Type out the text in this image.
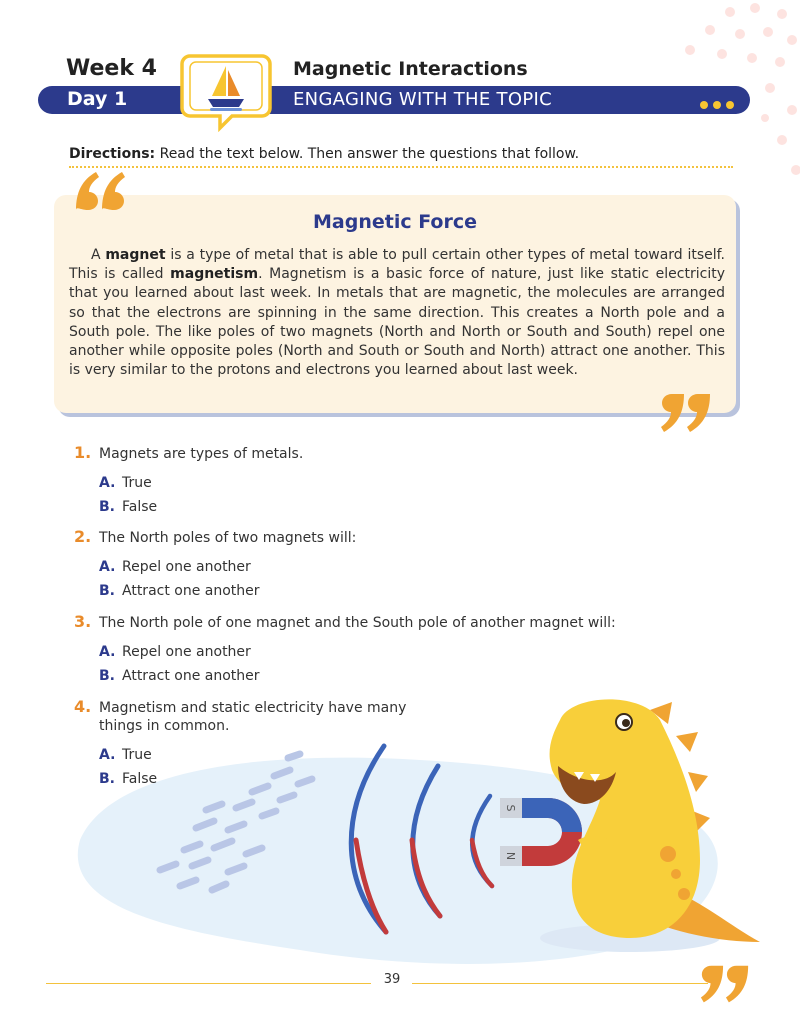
Week 4	Magnetic Interactions
Day 1	ENGAGING WITH THE TOPIC
Directions: Read the text below. Then answer the questions that follow.
Magnetic Force
A magnet is a type of metal that is able to pull certain other types of metal toward itself. This is called magnetism. Magnetism is a basic force of nature, just like static electricity that you learned about last week. In metals that are magnetic, the molecules are arranged so that the electrons are spinning in the same direction. This creates a North pole and a South pole. The like poles of two magnets (North and North or South and South) repel one another while opposite poles (North and South or South and North) attract one another. This is very similar to the protons and electrons you learned about last week.
1. Magnets are types of metals.
A. True
B. False
2. The North poles of two magnets will:
A. Repel one another
B. Attract one another
3. The North pole of one magnet and the South pole of another magnet will:
A. Repel one another
B. Attract one another
S
N
4. Magnetism and static electricity have many
things in common.
A. True
B. False
39
